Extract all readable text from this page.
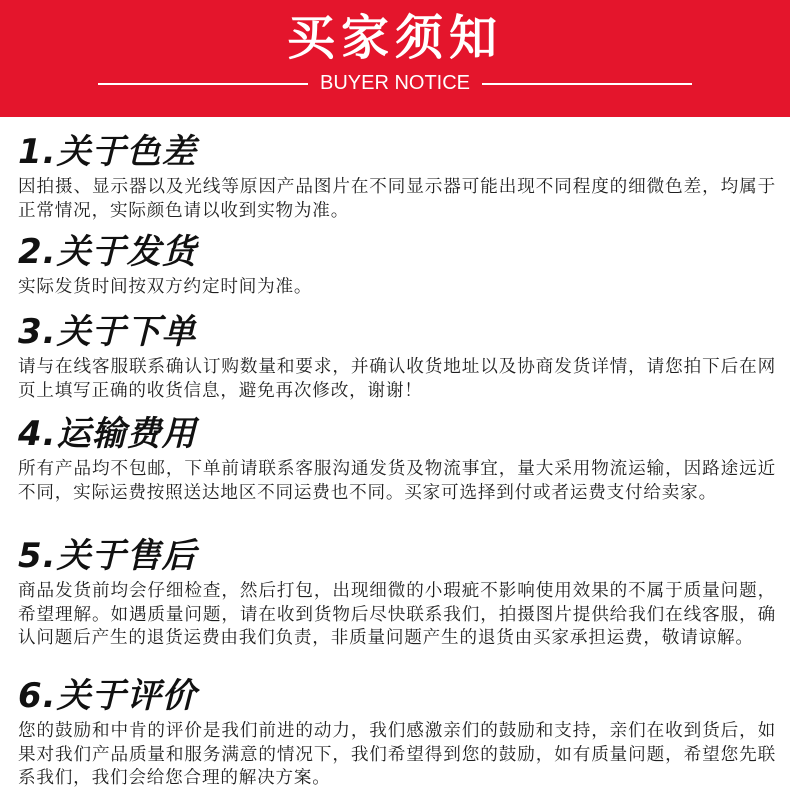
买家须知
BUYER NOTICE
1.关于色差
因拍摄、显示器以及光线等原因产品图片在不同显示器可能出现不同程度的细微色差，均属于正常情况，实际颜色请以收到实物为准。
2.关于发货
实际发货时间按双方约定时间为准。
3.关于下单
请与在线客服联系确认订购数量和要求，并确认收货地址以及协商发货详情，请您拍下后在网页上填写正确的收货信息，避免再次修改，谢谢！
4.运输费用
所有产品均不包邮，下单前请联系客服沟通发货及物流事宜，量大采用物流运输，因路途远近不同，实际运费按照送达地区不同运费也不同。买家可选择到付或者运费支付给卖家。
5.关于售后
商品发货前均会仔细检查，然后打包，出现细微的小瑕疵不影响使用效果的不属于质量问题，希望理解。如遇质量问题，请在收到货物后尽快联系我们，拍摄图片提供给我们在线客服，确认问题后产生的退货运费由我们负责，非质量问题产生的退货由买家承担运费，敬请谅解。
6.关于评价
您的鼓励和中肯的评价是我们前进的动力，我们感激亲们的鼓励和支持，亲们在收到货后，如果对我们产品质量和服务满意的情况下，我们希望得到您的鼓励，如有质量问题，希望您先联系我们，我们会给您合理的解决方案。
